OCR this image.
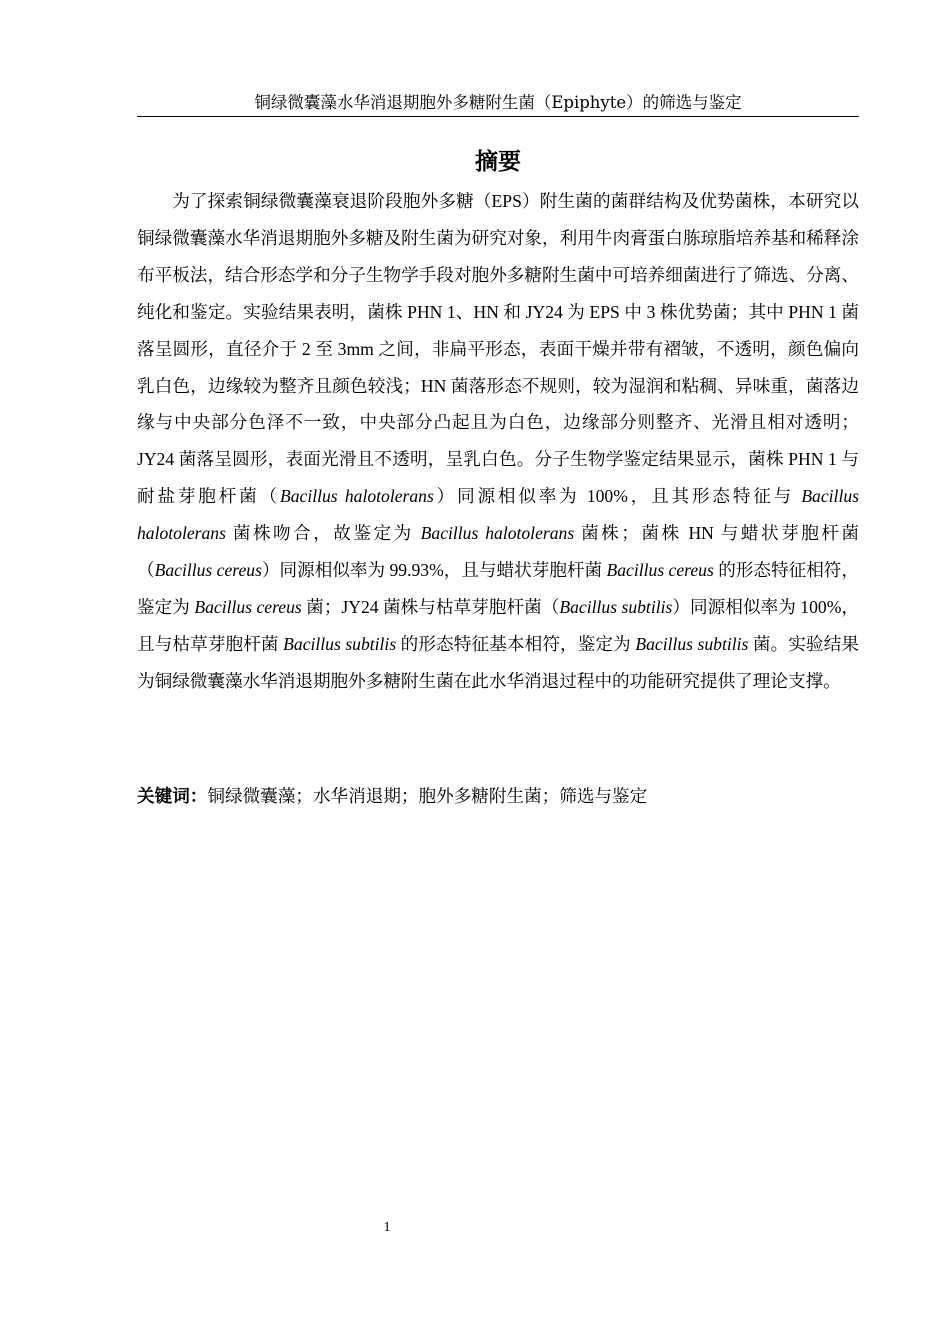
铜绿微囊藻水华消退期胞外多糖附生菌（Epiphyte）的筛选与鉴定
摘要

为了探索铜绿微囊藻衰退阶段胞外多糖（EPS）附生菌的菌群结构及优势菌株，本研究以铜绿微囊藻水华消退期胞外多糖及附生菌为研究对象，利用牛肉膏蛋白胨琼脂培养基和稀释涂布平板法，结合形态学和分子生物学手段对胞外多糖附生菌中可培养细菌进行了筛选、分离、纯化和鉴定。实验结果表明，菌株 PHN 1、HN 和 JY24 为 EPS 中 3 株优势菌；其中 PHN 1 菌落呈圆形，直径介于 2 至 3mm 之间，非扁平形态，表面干燥并带有褶皱，不透明，颜色偏向乳白色，边缘较为整齐且颜色较浅；HN 菌落形态不规则，较为湿润和粘稠、异味重，菌落边缘与中央部分色泽不一致，中央部分凸起且为白色，边缘部分则整齐、光滑且相对透明；JY24 菌落呈圆形，表面光滑且不透明，呈乳白色。分子生物学鉴定结果显示，菌株 PHN 1 与耐盐芽胞杆菌（Bacillus halotolerans）同源相似率为 100%，且其形态特征与 Bacillus halotolerans 菌株吻合，故鉴定为 Bacillus halotolerans 菌株；菌株 HN 与蜡状芽胞杆菌（Bacillus cereus）同源相似率为 99.93%，且与蜡状芽胞杆菌 Bacillus cereus 的形态特征相符，鉴定为 Bacillus cereus 菌；JY24 菌株与枯草芽胞杆菌（Bacillus subtilis）同源相似率为 100%，且与枯草芽胞杆菌 Bacillus subtilis 的形态特征基本相符，鉴定为 Bacillus subtilis 菌。实验结果为铜绿微囊藻水华消退期胞外多糖附生菌在此水华消退过程中的功能研究提供了理论支撑。

关键词：铜绿微囊藻；水华消退期；胞外多糖附生菌；筛选与鉴定

1
